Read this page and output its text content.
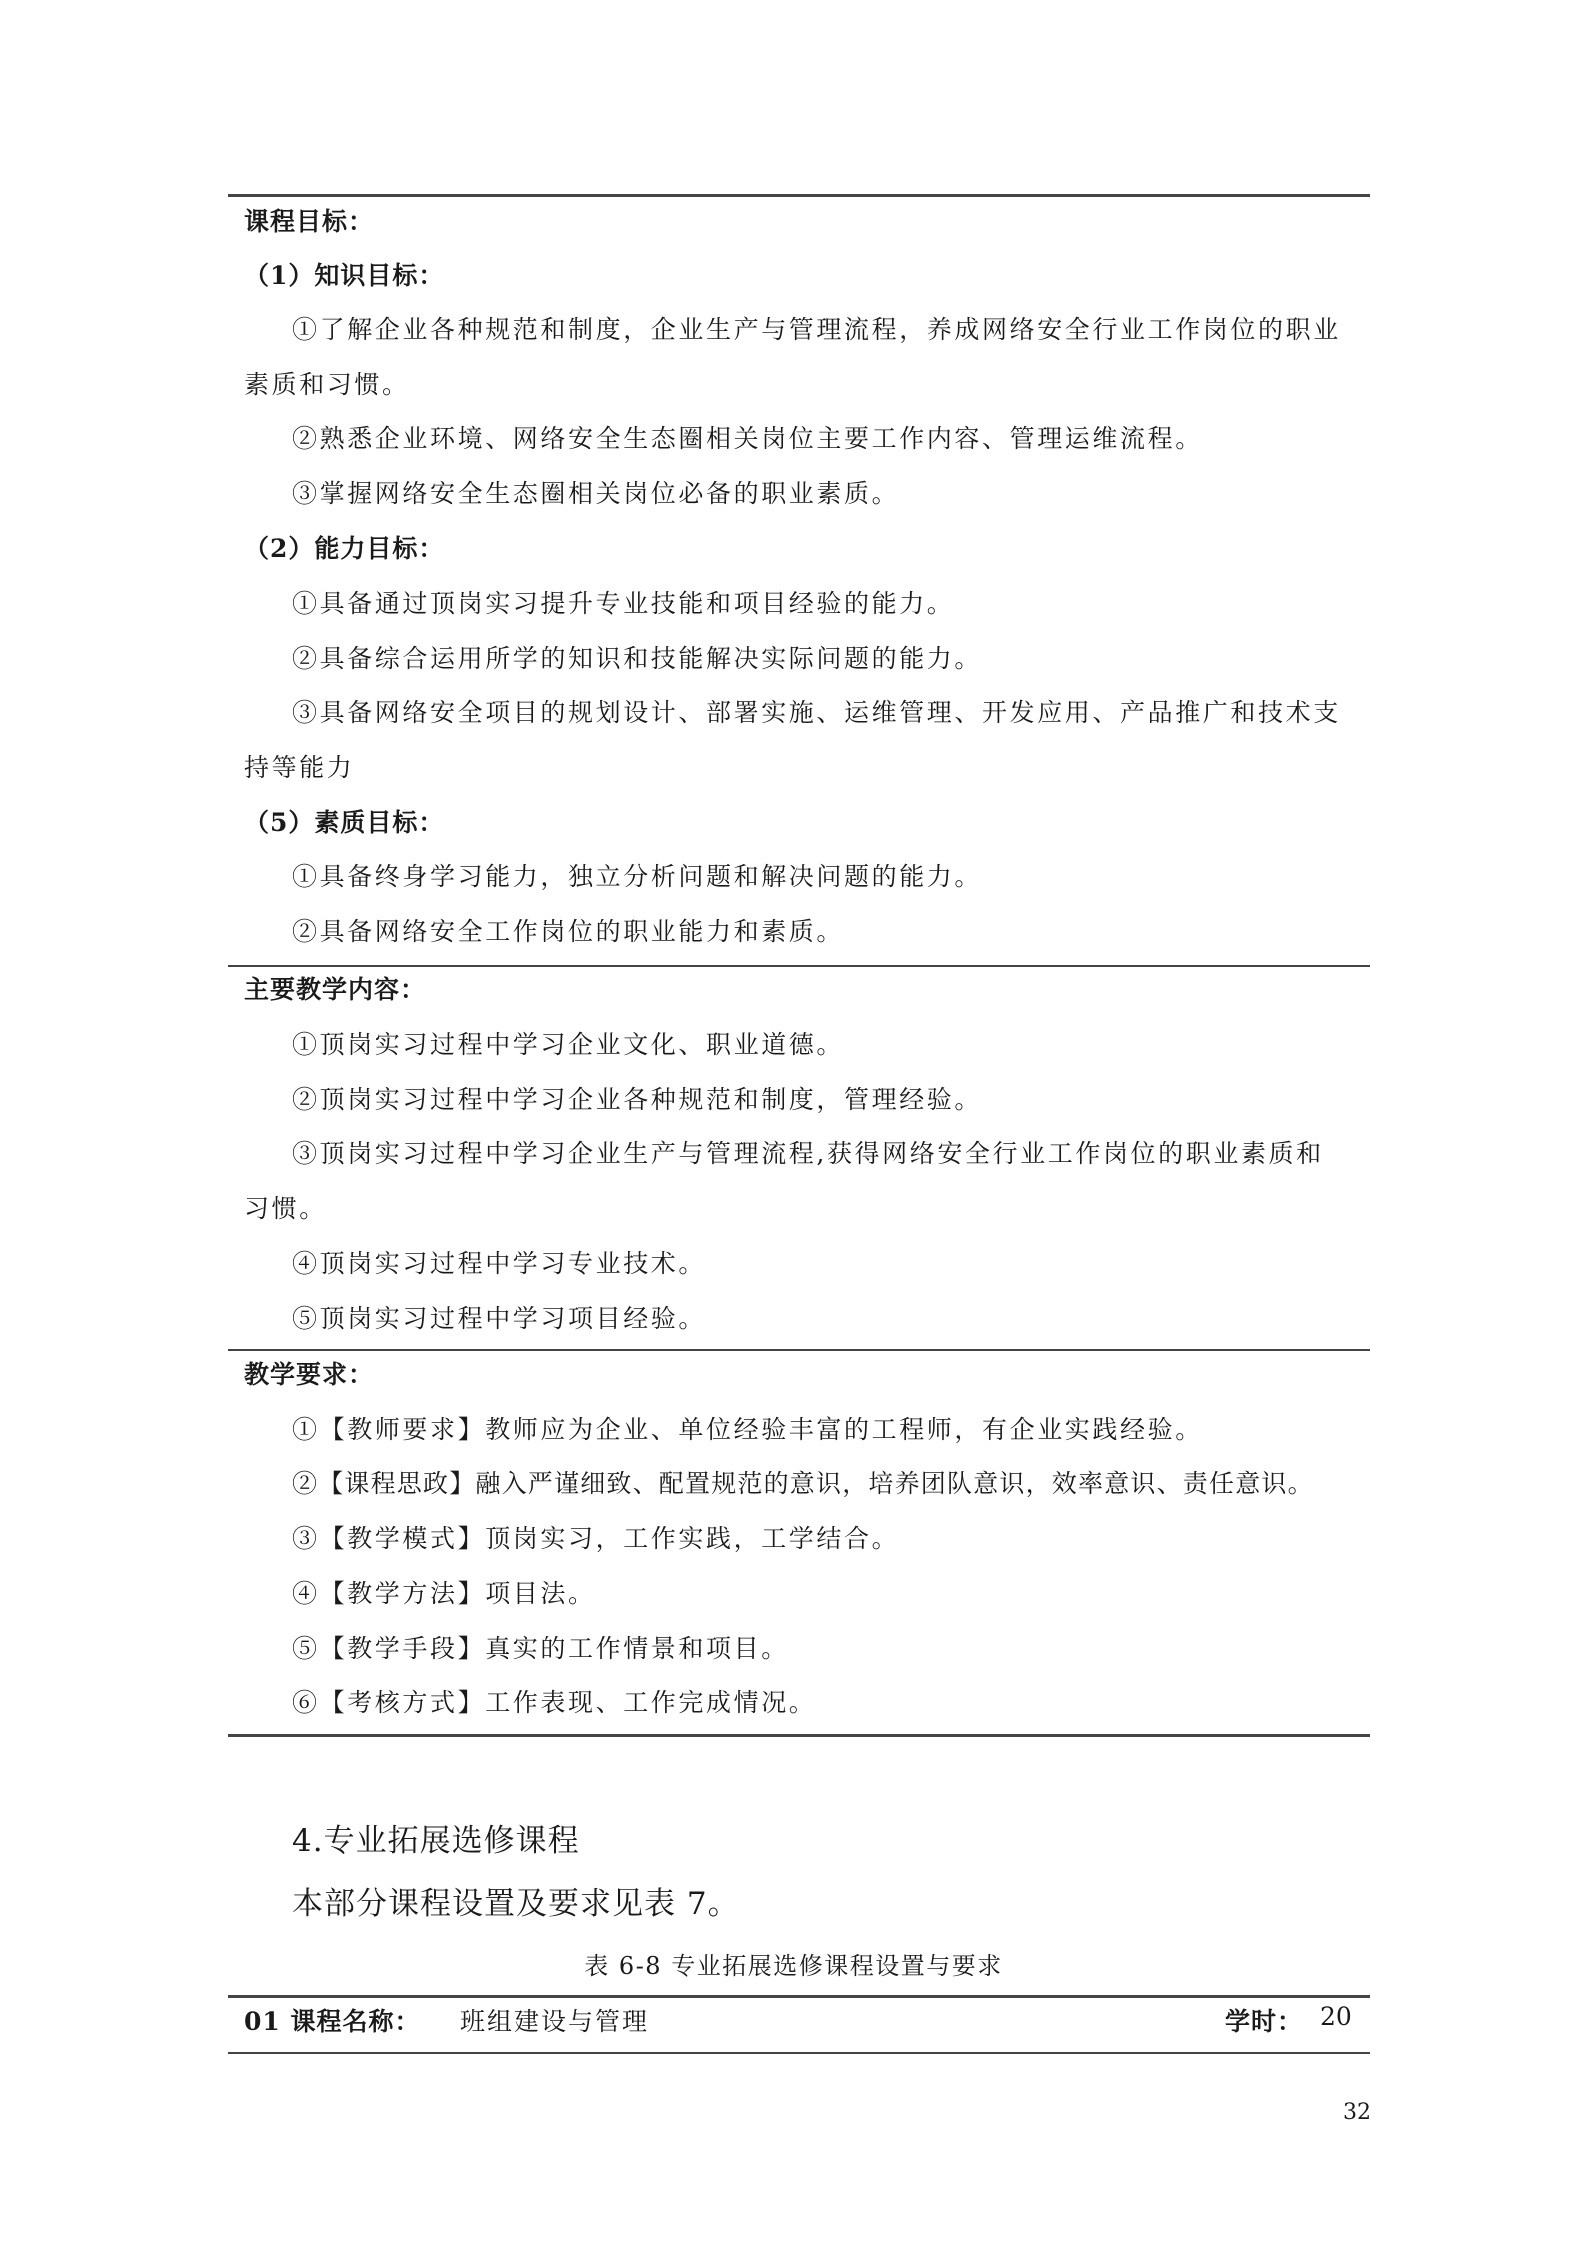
课程目标：
（1）知识目标：
①了解企业各种规范和制度，企业生产与管理流程，养成网络安全行业工作岗位的职业
素质和习惯。
②熟悉企业环境、网络安全生态圈相关岗位主要工作内容、管理运维流程。
③掌握网络安全生态圈相关岗位必备的职业素质。
（2）能力目标：
①具备通过顶岗实习提升专业技能和项目经验的能力。
②具备综合运用所学的知识和技能解决实际问题的能力。
③具备网络安全项目的规划设计、部署实施、运维管理、开发应用、产品推广和技术支
持等能力
（5）素质目标：
①具备终身学习能力，独立分析问题和解决问题的能力。
②具备网络安全工作岗位的职业能力和素质。
主要教学内容：
①顶岗实习过程中学习企业文化、职业道德。
②顶岗实习过程中学习企业各种规范和制度，管理经验。
③顶岗实习过程中学习企业生产与管理流程,获得网络安全行业工作岗位的职业素质和
习惯。
④顶岗实习过程中学习专业技术。
⑤顶岗实习过程中学习项目经验。
教学要求：
①【教师要求】教师应为企业、单位经验丰富的工程师，有企业实践经验。
②【课程思政】融入严谨细致、配置规范的意识，培养团队意识，效率意识、责任意识。
③【教学模式】顶岗实习，工作实践，工学结合。
④【教学方法】项目法。
⑤【教学手段】真实的工作情景和项目。
⑥【考核方式】工作表现、工作完成情况。
4.专业拓展选修课程
本部分课程设置及要求见表 7。
表 6-8 专业拓展选修课程设置与要求
01 课程名称： 班组建设与管理	学时： 20
32
